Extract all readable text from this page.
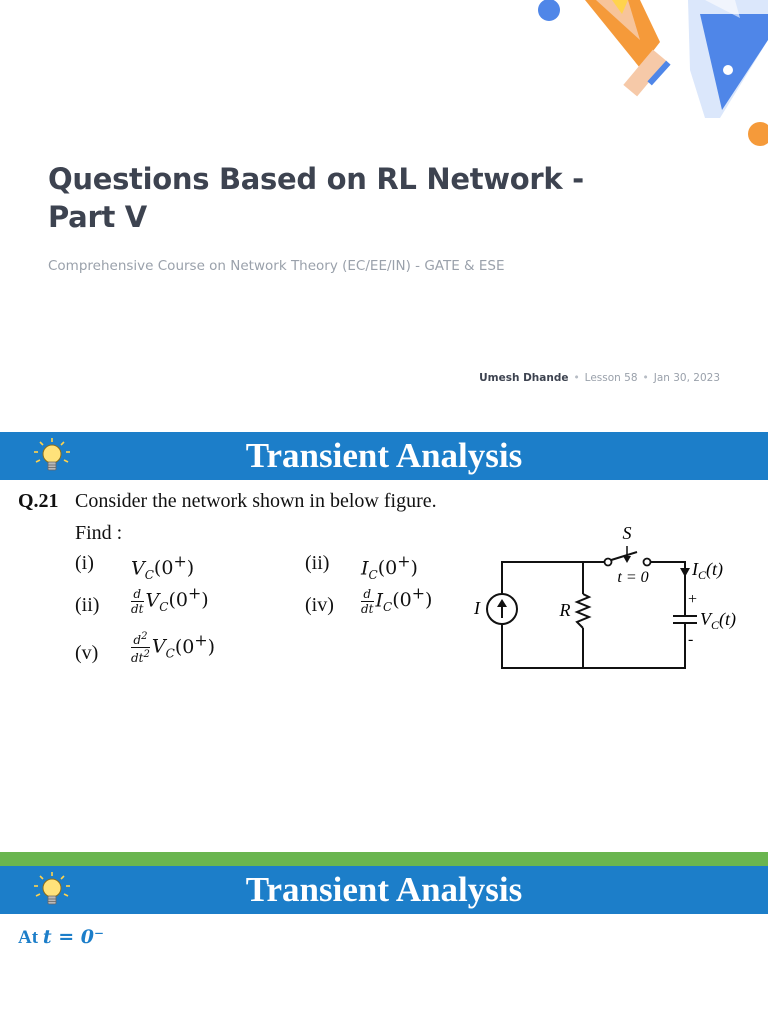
Questions Based on RL Network - Part V

Comprehensive Course on Network Theory (EC/EE/IN) - GATE & ESE

Umesh Dhande • Lesson 58 • Jan 30, 2023
Transient Analysis
Q.21 Consider the network shown in below figure.
Find :
(i) $V_C(0^+)$	(ii) $I_C(0^+)$
(ii)	$\frac{d}{dt} V_C(0^+)$	$(iv) \frac{d}{dt} I_C(0^+)$
(v)	$\frac{d^2}{dt^2} V_C(0^+)$
S
t = 0
I	R
$I_C(t)$
+
$V_C(t)$
-
Transient Analysis
At t = 0⁻
